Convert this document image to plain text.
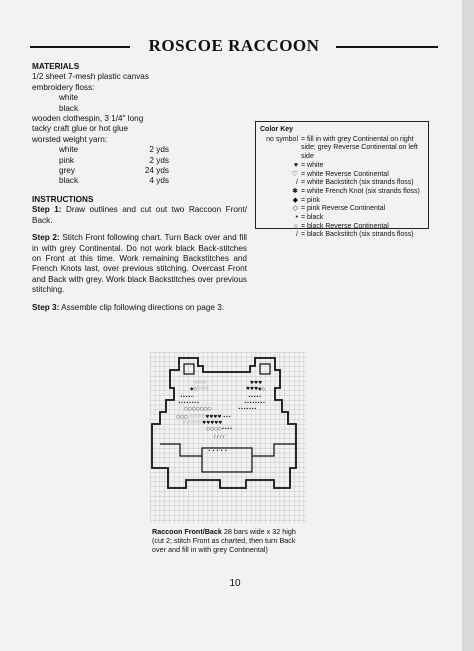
ROSCOE RACCOON
MATERIALS
1/2 sheet 7-mesh plastic canvas
embroidery floss:
white
black
wooden clothespin, 3 1/4" long
tacky craft glue or hot glue
worsted weight yarn:
white	2 yds
pink	2 yds
grey	24 yds
black	4 yds
INSTRUCTIONS

Step 1: Draw outlines and cut out two Raccoon Front/ Back.

Step 2: Stitch Front following chart. Turn Back over and fill in with grey Continental. Do not work black Back-stitches on Front at this time. Work remaining Backstitches and French Knots last, over previous stitching. Overcast Front and Back with grey. Work black Backstitches over previous stitching.

Step 3: Assemble clip following directions on page 3.

Color Key
no symbol = fill in with grey Continental on right side; grey Reverse Continental on left side
♥ = white
♡ = white Reverse Continental
/ = white Backstitch (six strands floss)
✱ = white French Knot (six strands floss)
◆ = pink
◇ = pink Reverse Continental
• = black
○ = black Reverse Continental
/ = black Backstitch (six strands floss)
♡♡♡	♥♥♥
◆◇♡♡♡	♥♥♥◆◇
•••••	•••••
••••••••	••••••••
○○○○○○○	•••••••
○○○ ♡♡♡♡♥♥♥♥ •••
♡♡♡♡♡♥♥♥♥♥
○○○○••••
/ / / /
• • • • •
Raccoon Front/Back 28 bars wide x 32 high (cut 2; stitch Front as charted, then turn Back over and fill in with grey Continental)
10
